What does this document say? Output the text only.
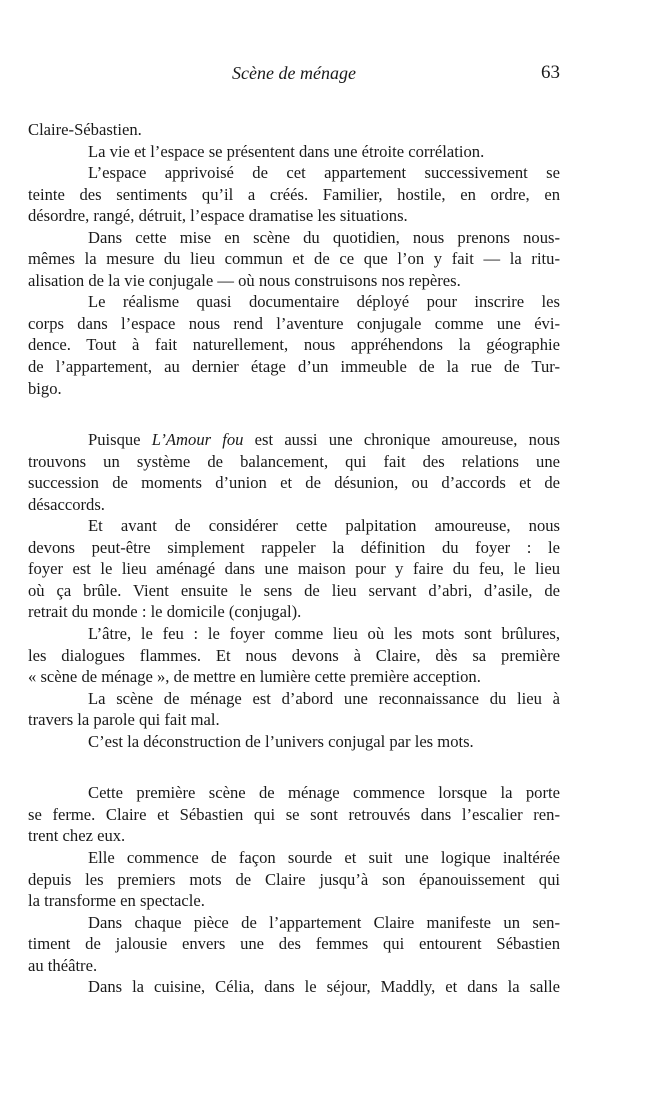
Scène de ménage	63
Claire-Sébastien.
La vie et l’espace se présentent dans une étroite corrélation.
L’espace apprivoisé de cet appartement successivement se
teinte des sentiments qu’il a créés. Familier, hostile, en ordre, en
désordre, rangé, détruit, l’espace dramatise les situations.
Dans cette mise en scène du quotidien, nous prenons nous-
mêmes la mesure du lieu commun et de ce que l’on y fait — la ritu-
alisation de la vie conjugale — où nous construisons nos repères.
Le réalisme quasi documentaire déployé pour inscrire les
corps dans l’espace nous rend l’aventure conjugale comme une évi-
dence. Tout à fait naturellement, nous appréhendons la géographie
de l’appartement, au dernier étage d’un immeuble de la rue de Tur-
bigo.
Puisque L’Amour fou est aussi une chronique amoureuse, nous
trouvons un système de balancement, qui fait des relations une
succession de moments d’union et de désunion, ou d’accords et de
désaccords.
Et avant de considérer cette palpitation amoureuse, nous
devons peut-être simplement rappeler la définition du foyer : le
foyer est le lieu aménagé dans une maison pour y faire du feu, le lieu
où ça brûle. Vient ensuite le sens de lieu servant d’abri, d’asile, de
retrait du monde : le domicile (conjugal).
L’âtre, le feu : le foyer comme lieu où les mots sont brûlures,
les dialogues flammes. Et nous devons à Claire, dès sa première
« scène de ménage », de mettre en lumière cette première acception.
La scène de ménage est d’abord une reconnaissance du lieu à
travers la parole qui fait mal.
C’est la déconstruction de l’univers conjugal par les mots.
Cette première scène de ménage commence lorsque la porte
se ferme. Claire et Sébastien qui se sont retrouvés dans l’escalier ren-
trent chez eux.
Elle commence de façon sourde et suit une logique inaltérée
depuis les premiers mots de Claire jusqu’à son épanouissement qui
la transforme en spectacle.
Dans chaque pièce de l’appartement Claire manifeste un sen-
timent de jalousie envers une des femmes qui entourent Sébastien
au théâtre.
Dans la cuisine, Célia, dans le séjour, Maddly, et dans la salle
